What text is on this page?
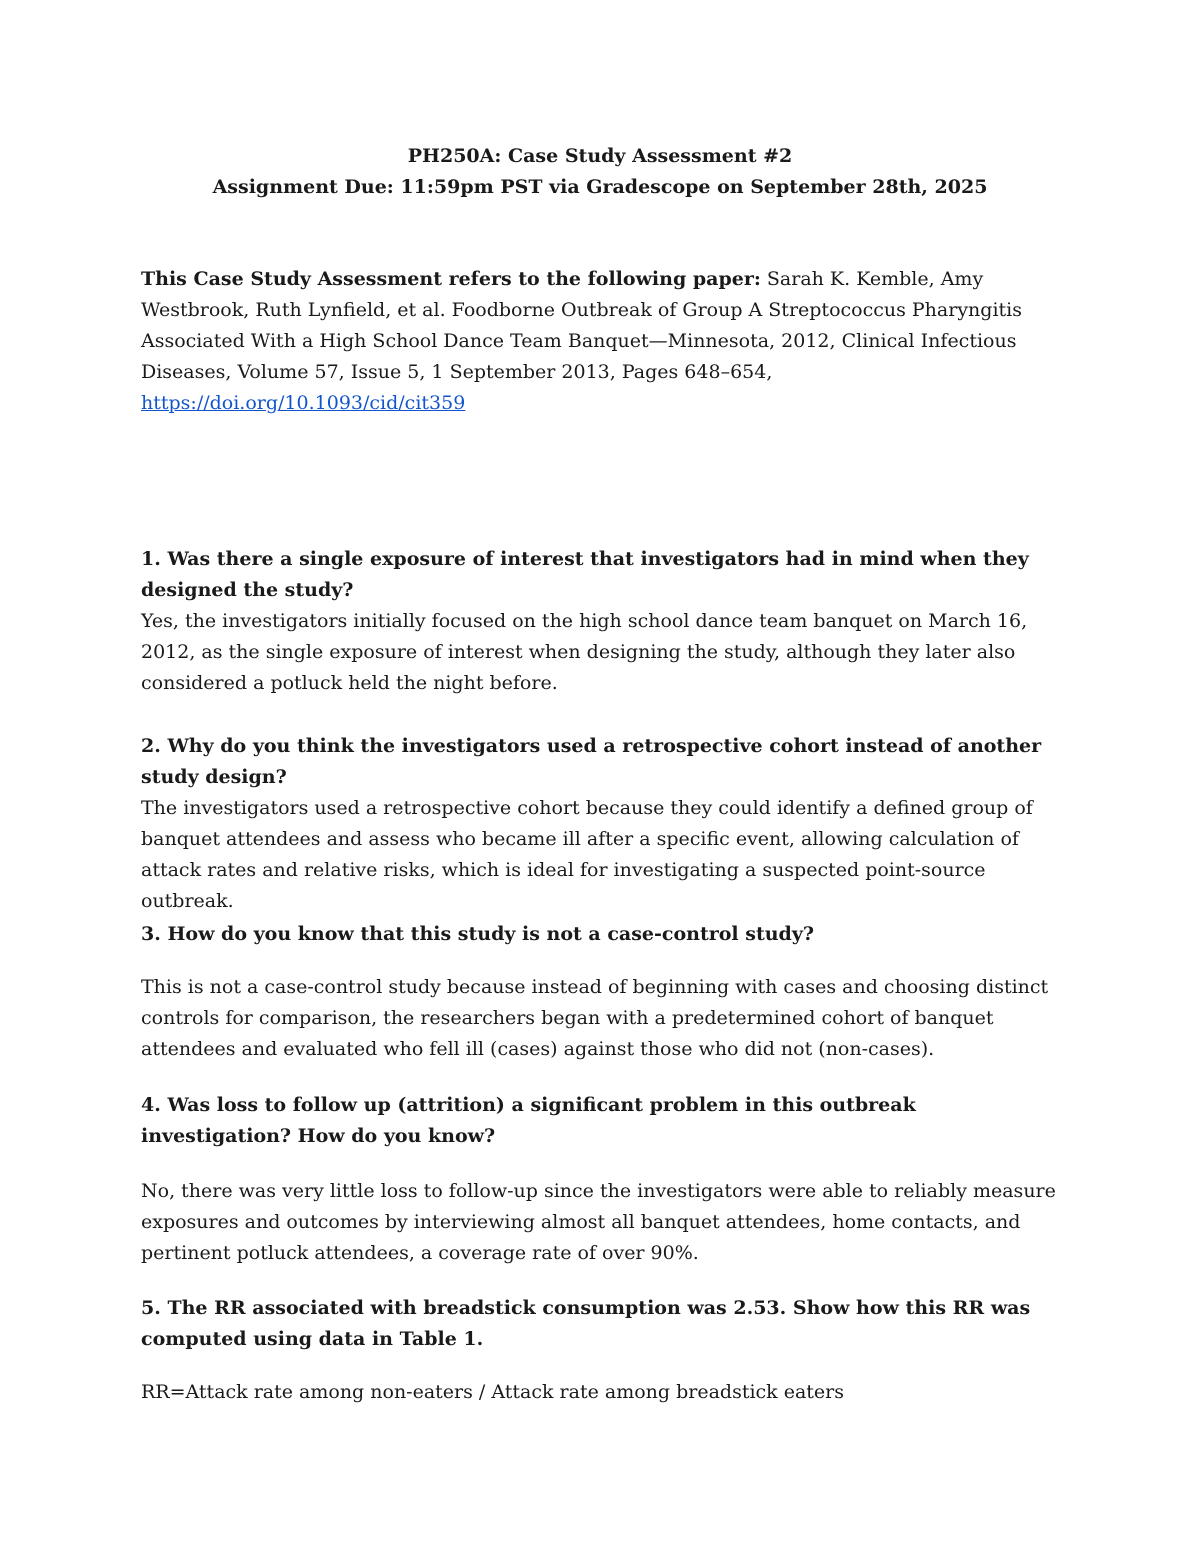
PH250A: Case Study Assessment #2
Assignment Due: 11:59pm PST via Gradescope on September 28th, 2025

This Case Study Assessment refers to the following paper: Sarah K. Kemble, Amy Westbrook, Ruth Lynfield, et al. Foodborne Outbreak of Group A Streptococcus Pharyngitis Associated With a High School Dance Team Banquet—Minnesota, 2012, Clinical Infectious Diseases, Volume 57, Issue 5, 1 September 2013, Pages 648–654,
https://doi.org/10.1093/cid/cit359

1. Was there a single exposure of interest that investigators had in mind when they designed the study?

Yes, the investigators initially focused on the high school dance team banquet on March 16, 2012, as the single exposure of interest when designing the study, although they later also considered a potluck held the night before.

2. Why do you think the investigators used a retrospective cohort instead of another study design?

The investigators used a retrospective cohort because they could identify a defined group of banquet attendees and assess who became ill after a specific event, allowing calculation of attack rates and relative risks, which is ideal for investigating a suspected point-source outbreak.

3. How do you know that this study is not a case-control study?

This is not a case-control study because instead of beginning with cases and choosing distinct controls for comparison, the researchers began with a predetermined cohort of banquet attendees and evaluated who fell ill (cases) against those who did not (non-cases).

4. Was loss to follow up (attrition) a significant problem in this outbreak investigation? How do you know?

No, there was very little loss to follow-up since the investigators were able to reliably measure exposures and outcomes by interviewing almost all banquet attendees, home contacts, and pertinent potluck attendees, a coverage rate of over 90%.

5. The RR associated with breadstick consumption was 2.53. Show how this RR was computed using data in Table 1.

RR=Attack rate among non-eaters / Attack rate among breadstick eaters
